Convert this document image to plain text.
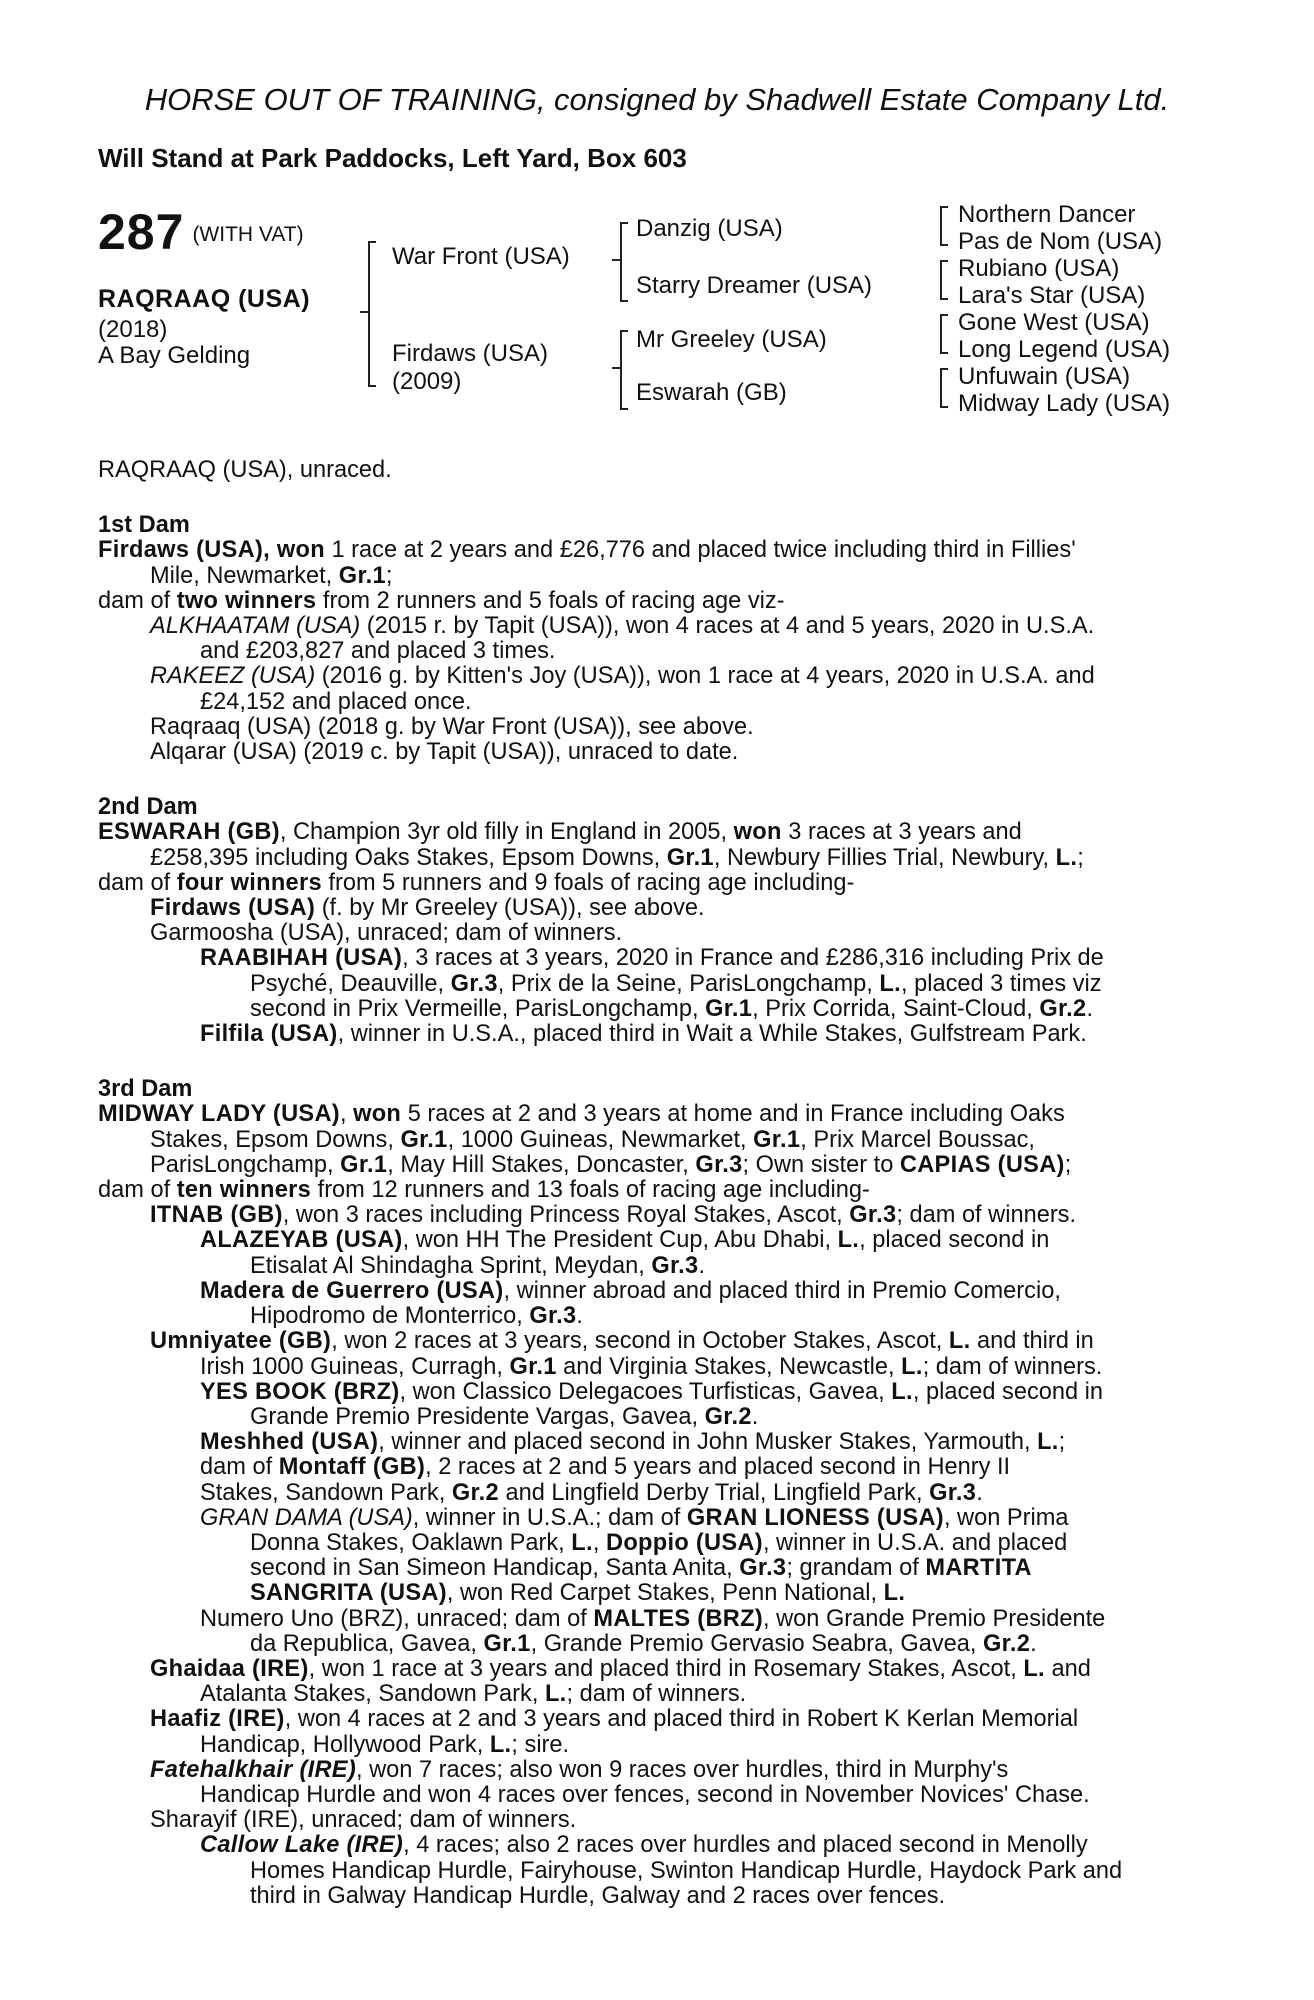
HORSE OUT OF TRAINING, consigned by Shadwell Estate Company Ltd.
Will Stand at Park Paddocks, Left Yard, Box 603
287 (WITH VAT)
RAQRAAQ (USA)
(2018)
A Bay Gelding
War Front (USA)
Firdaws (USA)
(2009)
Danzig (USA)
Starry Dreamer (USA)
Mr Greeley (USA)
Eswarah (GB)
Northern Dancer
Pas de Nom (USA)
Rubiano (USA)
Lara's Star (USA)
Gone West (USA)
Long Legend (USA)
Unfuwain (USA)
Midway Lady (USA)
RAQRAAQ (USA), unraced.
1st Dam
Firdaws (USA), won 1 race at 2 years and £26,776 and placed twice including third in Fillies'
Mile, Newmarket, Gr.1;
dam of two winners from 2 runners and 5 foals of racing age viz-
ALKHAATAM (USA) (2015 r. by Tapit (USA)), won 4 races at 4 and 5 years, 2020 in U.S.A.
and £203,827 and placed 3 times.
RAKEEZ (USA) (2016 g. by Kitten's Joy (USA)), won 1 race at 4 years, 2020 in U.S.A. and
£24,152 and placed once.
Raqraaq (USA) (2018 g. by War Front (USA)), see above.
Alqarar (USA) (2019 c. by Tapit (USA)), unraced to date.
2nd Dam
ESWARAH (GB), Champion 3yr old filly in England in 2005, won 3 races at 3 years and
£258,395 including Oaks Stakes, Epsom Downs, Gr.1, Newbury Fillies Trial, Newbury, L.;
dam of four winners from 5 runners and 9 foals of racing age including-
Firdaws (USA) (f. by Mr Greeley (USA)), see above.
Garmoosha (USA), unraced; dam of winners.
RAABIHAH (USA), 3 races at 3 years, 2020 in France and £286,316 including Prix de
Psyché, Deauville, Gr.3, Prix de la Seine, ParisLongchamp, L., placed 3 times viz
second in Prix Vermeille, ParisLongchamp, Gr.1, Prix Corrida, Saint-Cloud, Gr.2.
Filfila (USA), winner in U.S.A., placed third in Wait a While Stakes, Gulfstream Park.
3rd Dam
MIDWAY LADY (USA), won 5 races at 2 and 3 years at home and in France including Oaks
Stakes, Epsom Downs, Gr.1, 1000 Guineas, Newmarket, Gr.1, Prix Marcel Boussac,
ParisLongchamp, Gr.1, May Hill Stakes, Doncaster, Gr.3; Own sister to CAPIAS (USA);
dam of ten winners from 12 runners and 13 foals of racing age including-
ITNAB (GB), won 3 races including Princess Royal Stakes, Ascot, Gr.3; dam of winners.
ALAZEYAB (USA), won HH The President Cup, Abu Dhabi, L., placed second in
Etisalat Al Shindagha Sprint, Meydan, Gr.3.
Madera de Guerrero (USA), winner abroad and placed third in Premio Comercio,
Hipodromo de Monterrico, Gr.3.
Umniyatee (GB), won 2 races at 3 years, second in October Stakes, Ascot, L. and third in
Irish 1000 Guineas, Curragh, Gr.1 and Virginia Stakes, Newcastle, L.; dam of winners.
YES BOOK (BRZ), won Classico Delegacoes Turfisticas, Gavea, L., placed second in
Grande Premio Presidente Vargas, Gavea, Gr.2.
Meshhed (USA), winner and placed second in John Musker Stakes, Yarmouth, L.;
dam of Montaff (GB), 2 races at 2 and 5 years and placed second in Henry II
Stakes, Sandown Park, Gr.2 and Lingfield Derby Trial, Lingfield Park, Gr.3.
GRAN DAMA (USA), winner in U.S.A.; dam of GRAN LIONESS (USA), won Prima
Donna Stakes, Oaklawn Park, L., Doppio (USA), winner in U.S.A. and placed
second in San Simeon Handicap, Santa Anita, Gr.3; grandam of MARTITA
SANGRITA (USA), won Red Carpet Stakes, Penn National, L.
Numero Uno (BRZ), unraced; dam of MALTES (BRZ), won Grande Premio Presidente
da Republica, Gavea, Gr.1, Grande Premio Gervasio Seabra, Gavea, Gr.2.
Ghaidaa (IRE), won 1 race at 3 years and placed third in Rosemary Stakes, Ascot, L. and
Atalanta Stakes, Sandown Park, L.; dam of winners.
Haafiz (IRE), won 4 races at 2 and 3 years and placed third in Robert K Kerlan Memorial
Handicap, Hollywood Park, L.; sire.
Fatehalkhair (IRE), won 7 races; also won 9 races over hurdles, third in Murphy's
Handicap Hurdle and won 4 races over fences, second in November Novices' Chase.
Sharayif (IRE), unraced; dam of winners.
Callow Lake (IRE), 4 races; also 2 races over hurdles and placed second in Menolly
Homes Handicap Hurdle, Fairyhouse, Swinton Handicap Hurdle, Haydock Park and
third in Galway Handicap Hurdle, Galway and 2 races over fences.
